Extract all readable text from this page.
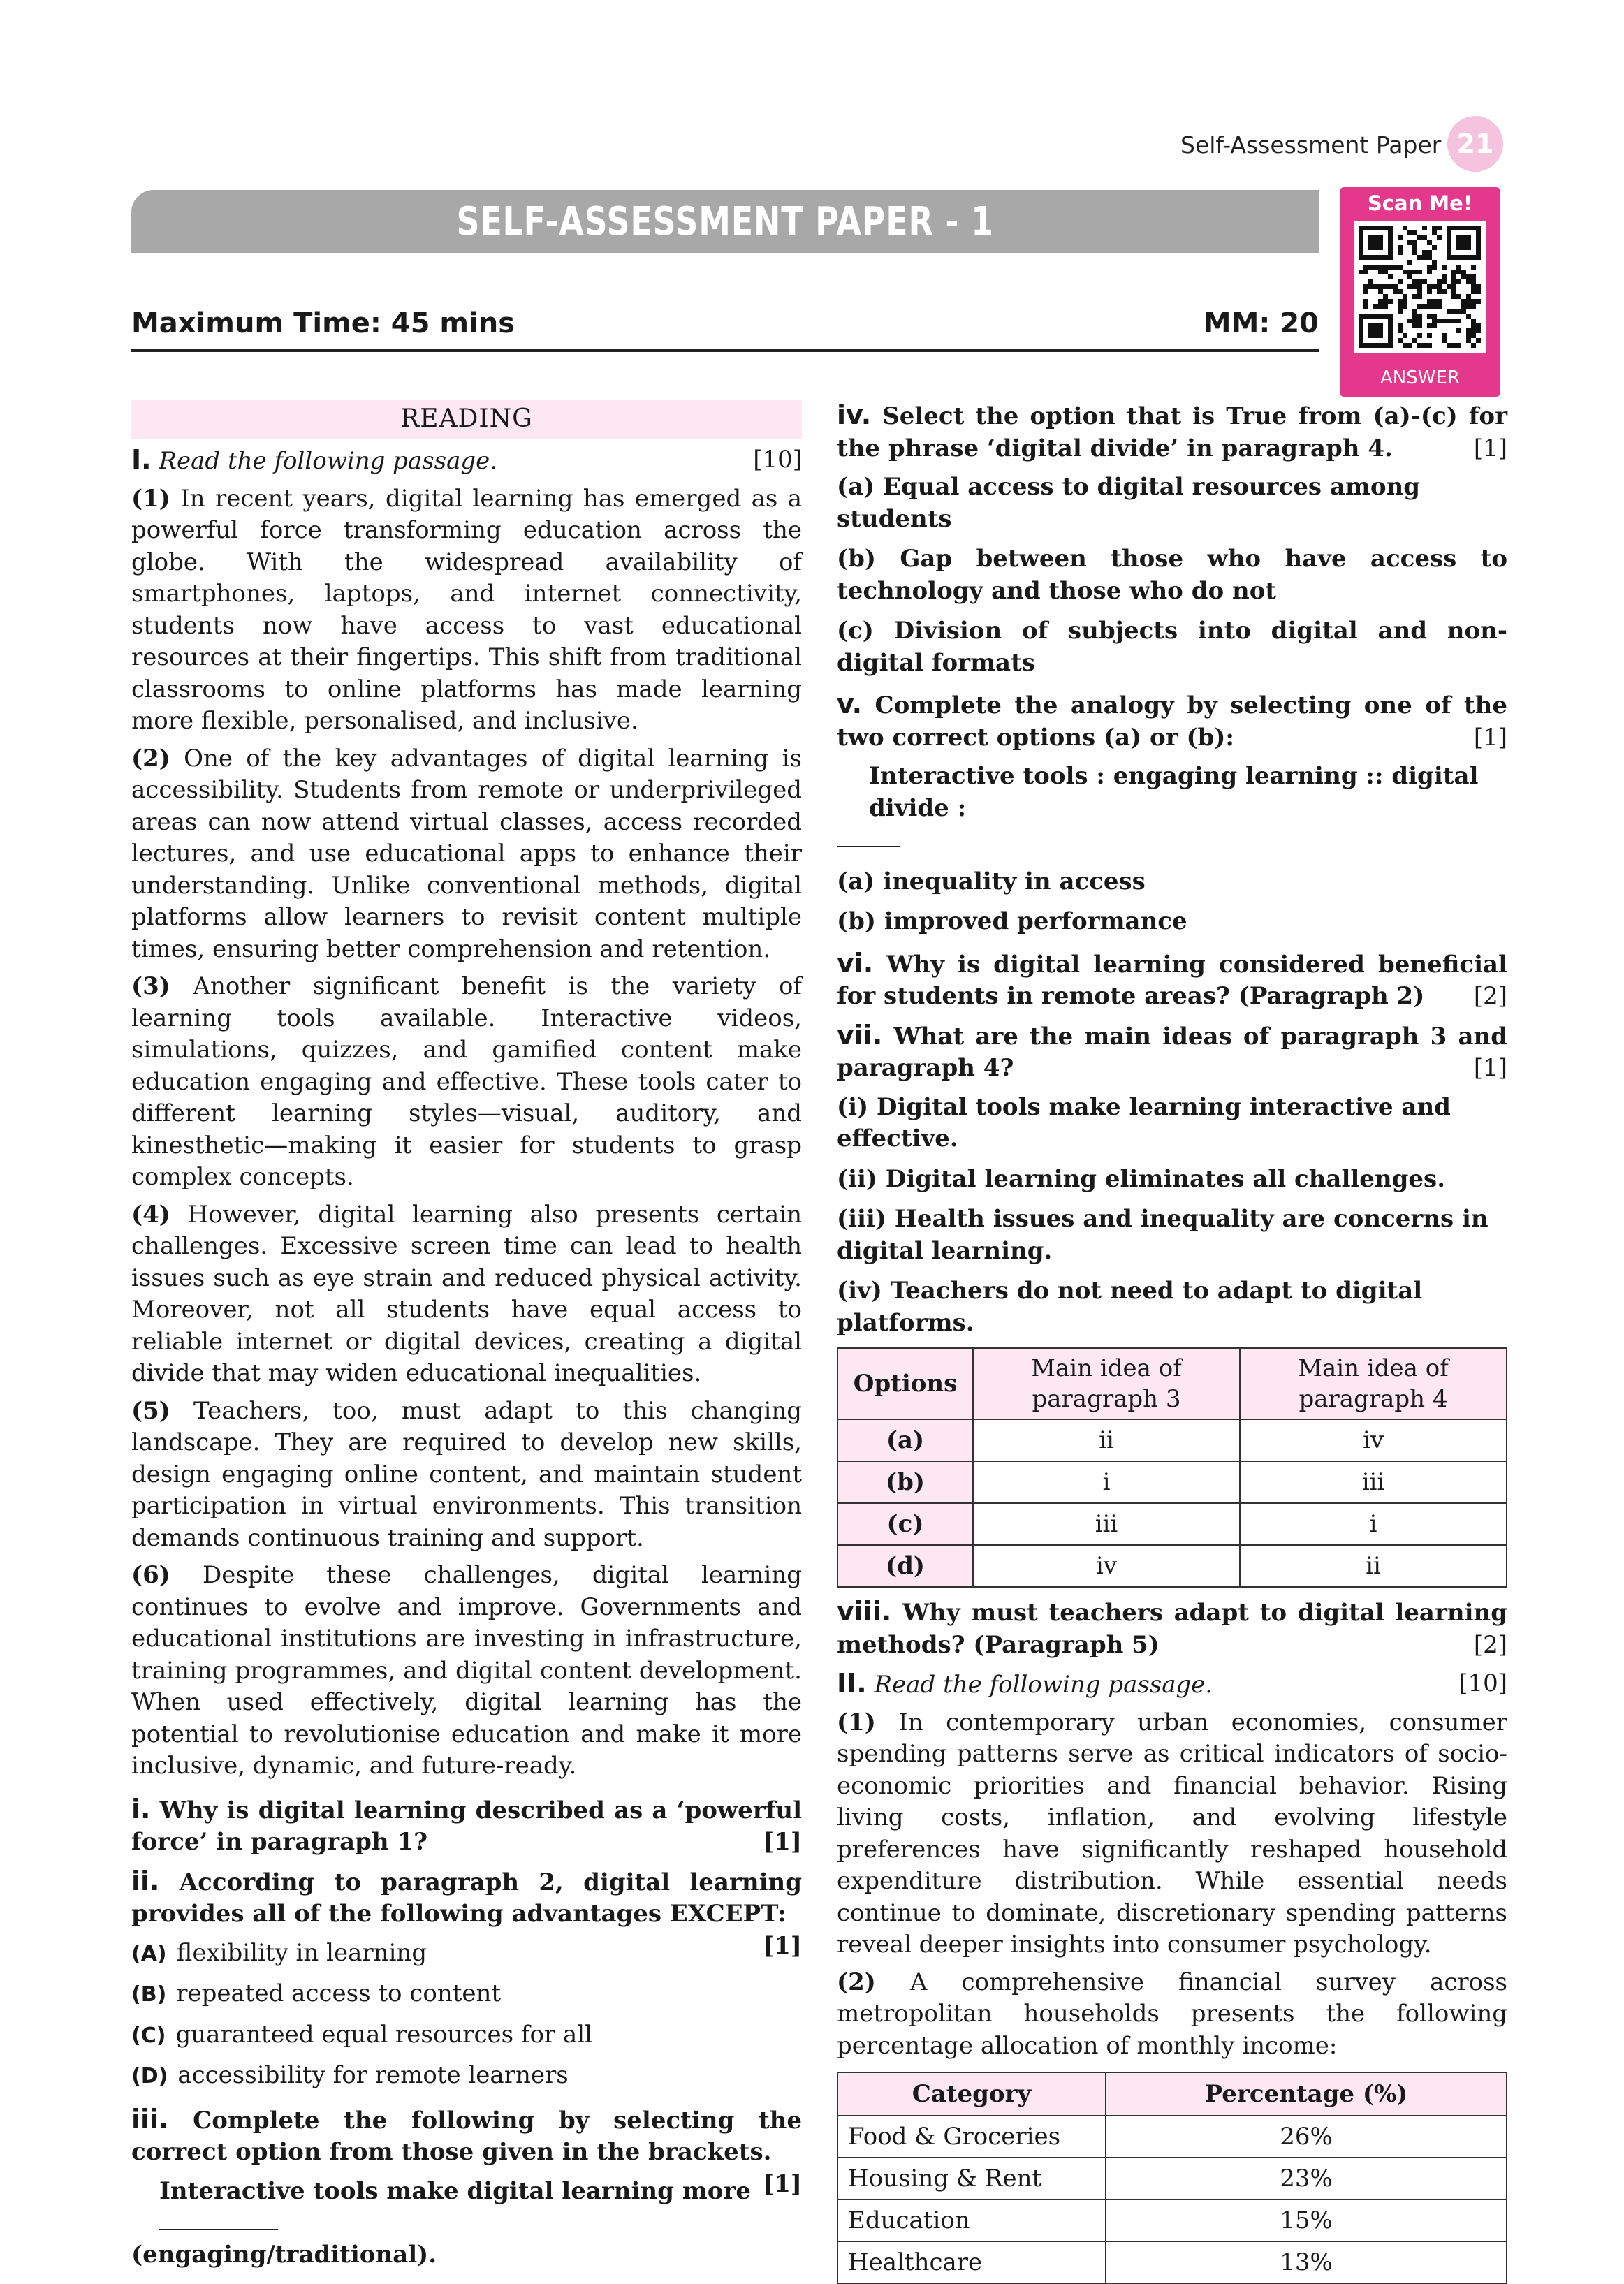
Self-Assessment Paper 21
SELF-ASSESSMENT PAPER - 1	Scan Me!
ANSWER
Maximum Time: 45 mins	MM: 20
READING

I. Read the following passage.	[10]

(1) In recent years, digital learning has emerged as a powerful force transforming education across the globe. With the widespread availability of smartphones, laptops, and internet connectivity, students now have access to vast educational resources at their fingertips. This shift from traditional classrooms to online platforms has made learning more flexible, personalised, and inclusive.

(2) One of the key advantages of digital learning is accessibility. Students from remote or underprivileged areas can now attend virtual classes, access recorded lectures, and use educational apps to enhance their understanding. Unlike conventional methods, digital platforms allow learners to revisit content multiple times, ensuring better comprehension and retention.

(3) Another significant benefit is the variety of learning tools available. Interactive videos, simulations, quizzes, and gamified content make education engaging and effective. These tools cater to different learning styles—visual, auditory, and kinesthetic—making it easier for students to grasp complex concepts.

(4) However, digital learning also presents certain challenges. Excessive screen time can lead to health issues such as eye strain and reduced physical activity. Moreover, not all students have equal access to reliable internet or digital devices, creating a digital divide that may widen educational inequalities.

(5) Teachers, too, must adapt to this changing landscape. They are required to develop new skills, design engaging online content, and maintain student participation in virtual environments. This transition demands continuous training and support.

(6) Despite these challenges, digital learning continues to evolve and improve. Governments and educational institutions are investing in infrastructure, training programmes, and digital content development. When used effectively, digital learning has the potential to revolutionise education and make it more inclusive, dynamic, and future-ready.

i. Why is digital learning described as a ‘powerful force’ in paragraph 1?	[1]

ii. According to paragraph 2, digital learning provides all of the following advantages EXCEPT:
[1]

(A) flexibility in learning

(B) repeated access to content

(C) guaranteed equal resources for all

(D) accessibility for remote learners

iii. Complete the following by selecting the correct option from those given in the brackets.
[1]

Interactive tools make digital learning more
(engaging/traditional).

iv. Select the option that is True from (a)-(c) for the phrase ‘digital divide’ in paragraph 4.	[1]

(a) Equal access to digital resources among students

(b) Gap between those who have access to technology and those who do not

(c) Division of subjects into digital and non-digital formats

v. Complete the analogy by selecting one of the two correct options (a) or (b):	[1]

Interactive tools : engaging learning :: digital divide :

(a) inequality in access

(b) improved performance

vi. Why is digital learning considered beneficial for students in remote areas? (Paragraph 2) [2]

vii. What are the main ideas of paragraph 3 and paragraph 4?	[1]

(i) Digital tools make learning interactive and effective.

(ii) Digital learning eliminates all challenges.

(iii) Health issues and inequality are concerns in digital learning.

(iv) Teachers do not need to adapt to digital platforms.

Options	Main idea of paragraph 3	Main idea of paragraph 4
(a)	ii	iv
(b)	i	iii
(c)	iii	i
(d)	iv	ii

viii. Why must teachers adapt to digital learning methods? (Paragraph 5)	[2]

II. Read the following passage.	[10]

(1) In contemporary urban economies, consumer spending patterns serve as critical indicators of socio-economic priorities and financial behavior. Rising living costs, inflation, and evolving lifestyle preferences have significantly reshaped household expenditure distribution. While essential needs continue to dominate, discretionary spending patterns reveal deeper insights into consumer psychology.

(2) A comprehensive financial survey across metropolitan households presents the following percentage allocation of monthly income:

Category	Percentage (%)
Food & Groceries	26%
Housing & Rent	23%
Education	15%
Healthcare	13%
